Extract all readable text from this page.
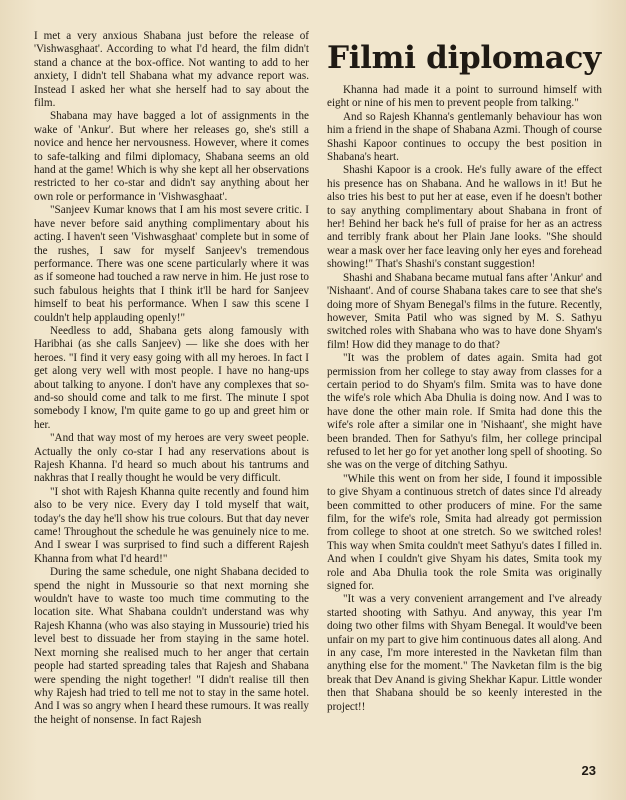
I met a very anxious Shabana just before the release of 'Vishwasghaat'. According to what I'd heard, the film didn't stand a chance at the box-office. Not wanting to add to her anxiety, I didn't tell Shabana what my advance report was. Instead I asked her what she herself had to say about the film.

Shabana may have bagged a lot of assignments in the wake of 'Ankur'. But where her releases go, she's still a novice and hence her nervousness. However, where it comes to safe-talking and filmi diplomacy, Shabana seems an old hand at the game! Which is why she kept all her observations restricted to her co-star and didn't say anything about her own role or performance in 'Vishwasghaat'.

"Sanjeev Kumar knows that I am his most severe critic. I have never before said anything complimentary about his acting. I haven't seen 'Vishwasghaat' complete but in some of the rushes, I saw for myself Sanjeev's tremendous performance. There was one scene particularly where it was as if someone had touched a raw nerve in him. He just rose to such fabulous heights that I think it'll be hard for Sanjeev himself to beat his performance. When I saw this scene I couldn't help applauding openly!"

Needless to add, Shabana gets along famously with Haribhai (as she calls Sanjeev) — like she does with her heroes. "I find it very easy going with all my heroes. In fact I get along very well with most people. I have no hang-ups about talking to anyone. I don't have any complexes that so-and-so should come and talk to me first. The minute I spot somebody I know, I'm quite game to go up and greet him or her.

"And that way most of my heroes are very sweet people. Actually the only co-star I had any reservations about is Rajesh Khanna. I'd heard so much about his tantrums and nakhras that I really thought he would be very difficult.

"I shot with Rajesh Khanna quite recently and found him also to be very nice. Every day I told myself that wait, today's the day he'll show his true colours. But that day never came! Throughout the schedule he was genuinely nice to me. And I swear I was surprised to find such a different Rajesh Khanna from what I'd heard!"

During the same schedule, one night Shabana decided to spend the night in Mussourie so that next morning she wouldn't have to waste too much time commuting to the location site. What Shabana couldn't understand was why Rajesh Khanna (who was also staying in Mussourie) tried his level best to dissuade her from staying in the same hotel. Next morning she realised much to her anger that certain people had started spreading tales that Rajesh and Shabana were spending the night together! "I didn't realise till then why Rajesh had tried to tell me not to stay in the same hotel. And I was so angry when I heard these rumours. It was really the height of nonsense. In fact Rajesh

Filmi diplomacy

Khanna had made it a point to surround himself with eight or nine of his men to prevent people from talking."

And so Rajesh Khanna's gentlemanly behaviour has won him a friend in the shape of Shabana Azmi. Though of course Shashi Kapoor continues to occupy the best position in Shabana's heart.

Shashi Kapoor is a crook. He's fully aware of the effect his presence has on Shabana. And he wallows in it! But he also tries his best to put her at ease, even if he doesn't bother to say anything complimentary about Shabana in front of her! Behind her back he's full of praise for her as an actress and terribly frank about her Plain Jane looks. "She should wear a mask over her face leaving only her eyes and forehead showing!" That's Shashi's constant suggestion!

Shashi and Shabana became mutual fans after 'Ankur' and 'Nishaant'. And of course Shabana takes care to see that she's doing more of Shyam Benegal's films in the future. Recently, however, Smita Patil who was signed by M. S. Sathyu switched roles with Shabana who was to have done Shyam's film! How did they manage to do that?

"It was the problem of dates again. Smita had got permission from her college to stay away from classes for a certain period to do Shyam's film. Smita was to have done the wife's role which Aba Dhulia is doing now. And I was to have done the other main role. If Smita had done this the wife's role after a similar one in 'Nishaant', she might have been branded. Then for Sathyu's film, her college principal refused to let her go for yet another long spell of shooting. So she was on the verge of ditching Sathyu.

"While this went on from her side, I found it impossible to give Shyam a continuous stretch of dates since I'd already been committed to other producers of mine. For the same film, for the wife's role, Smita had already got permission from college to shoot at one stretch. So we switched roles! This way when Smita couldn't meet Sathyu's dates I filled in. And when I couldn't give Shyam his dates, Smita took my role and Aba Dhulia took the role Smita was originally signed for.

"It was a very convenient arrangement and I've already started shooting with Sathyu. And anyway, this year I'm doing two other films with Shyam Benegal. It would've been unfair on my part to give him continuous dates all along. And in any case, I'm more interested in the Navketan film than anything else for the moment." The Navketan film is the big break that Dev Anand is giving Shekhar Kapur. Little wonder then that Shabana should be so keenly interested in the project!!

23
